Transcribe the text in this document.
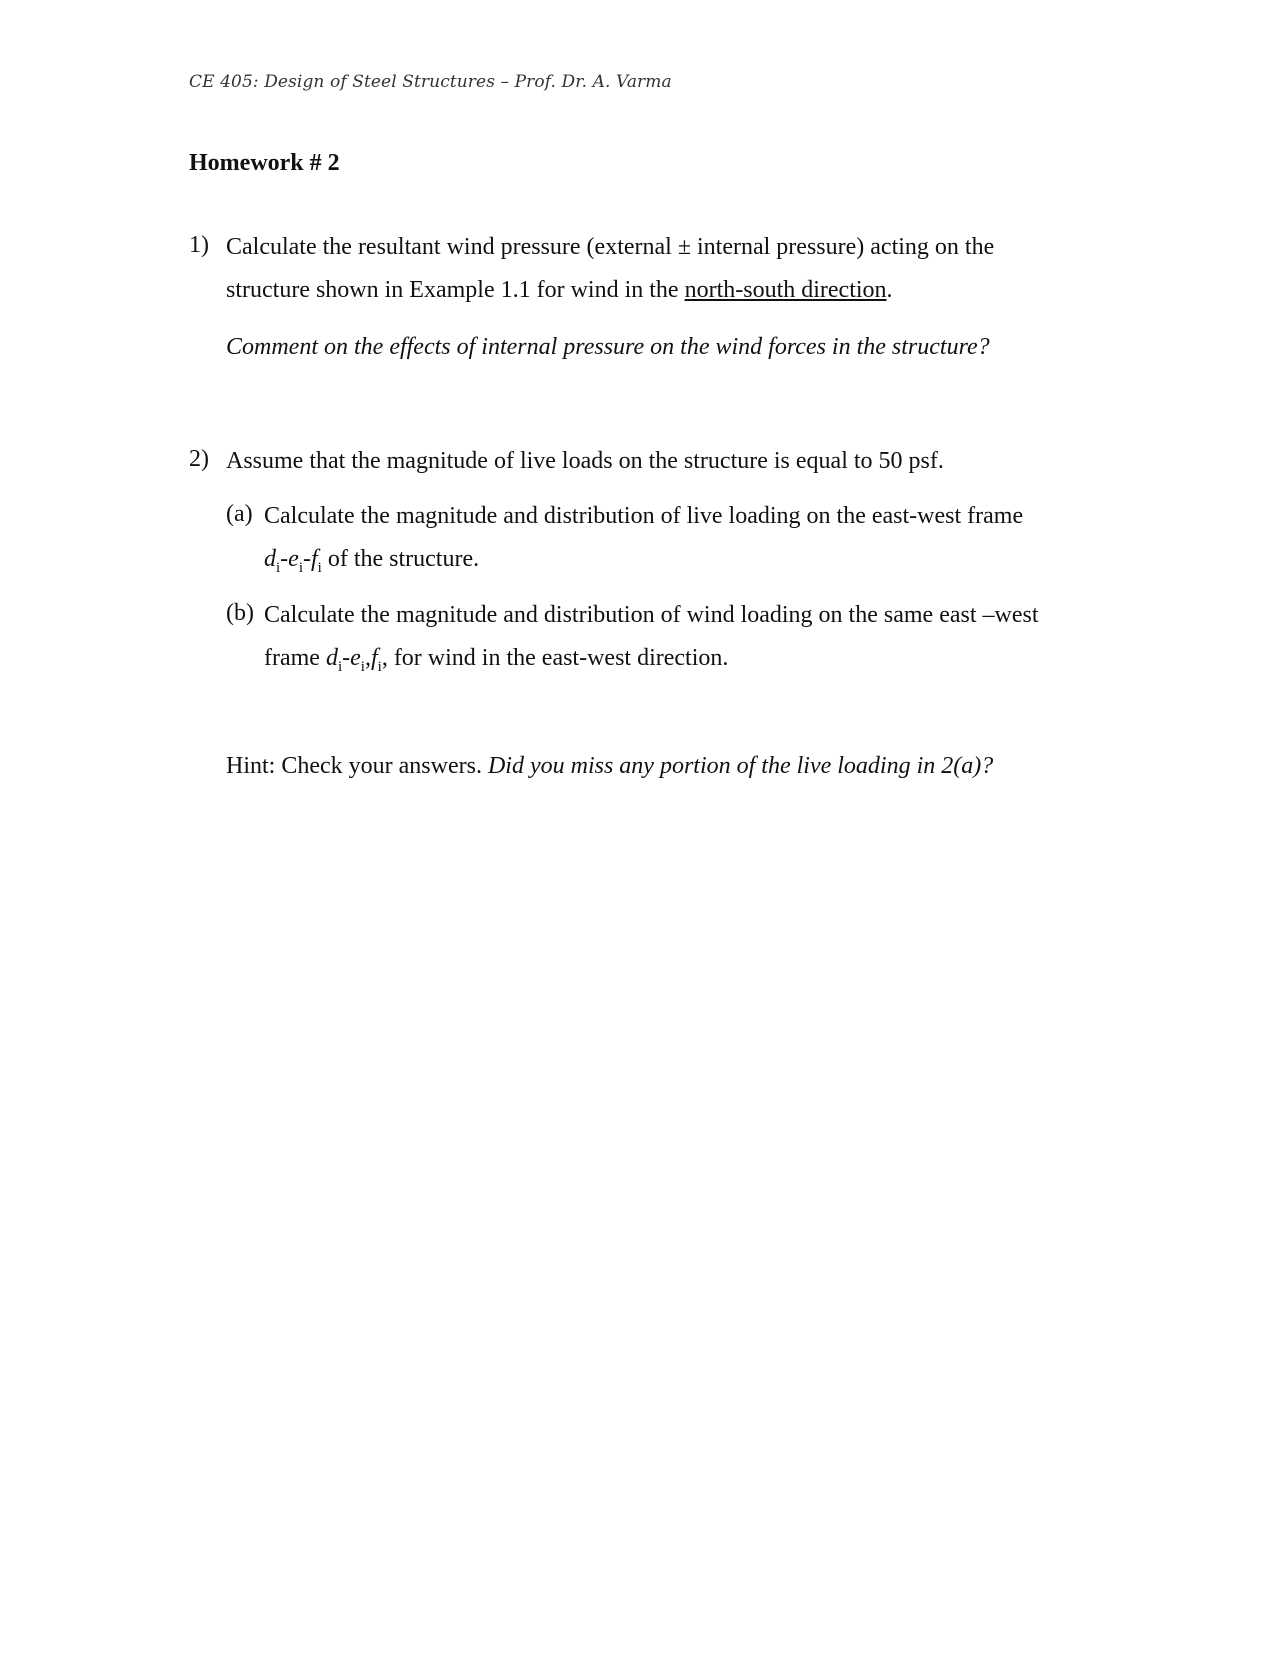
CE 405: Design of Steel Structures – Prof. Dr. A. Varma
Homework # 2
1) Calculate the resultant wind pressure (external ± internal pressure) acting on the structure shown in Example 1.1 for wind in the north-south direction.

Comment on the effects of internal pressure on the wind forces in the structure?

2) Assume that the magnitude of live loads on the structure is equal to 50 psf.

(a) Calculate the magnitude and distribution of live loading on the east-west frame
$d_i-e_i-f_i$ of the structure.

(b) Calculate the magnitude and distribution of wind loading on the same east –west
frame $d_i-e_i,f_i$, for wind in the east-west direction.

Hint: Check your answers. Did you miss any portion of the live loading in 2(a)?
